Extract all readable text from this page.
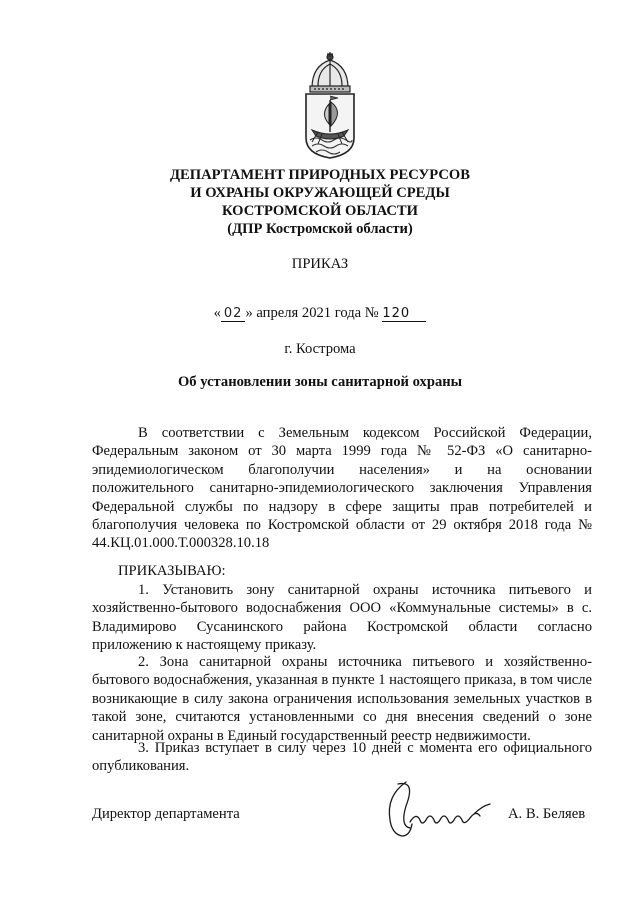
ДЕПАРТАМЕНТ ПРИРОДНЫХ РЕСУРСОВ
И ОХРАНЫ ОКРУЖАЮЩЕЙ СРЕДЫ
КОСТРОМСКОЙ ОБЛАСТИ
(ДПР Костромской области)
ПРИКАЗ
« 02 » апреля 2021 года № 120
г. Кострома
Об установлении зоны санитарной охраны

В соответствии с Земельным кодексом Российской Федерации, Федеральным законом от 30 марта 1999 года № 52-ФЗ «О санитарно-эпидемиологическом благополучии населения» и на основании положительного санитарно-эпидемиологического заключения Управления Федеральной службы по надзору в сфере защиты прав потребителей и благополучия человека по Костромской области от 29 октября 2018 года № 44.КЦ.01.000.Т.000328.10.18

ПРИКАЗЫВАЮ:

1. Установить зону санитарной охраны источника питьевого и хозяйственно-бытового водоснабжения ООО «Коммунальные системы» в с. Владимирово Сусанинского района Костромской области согласно приложению к настоящему приказу.

2. Зона санитарной охраны источника питьевого и хозяйственно-бытового водоснабжения, указанная в пункте 1 настоящего приказа, в том числе возникающие в силу закона ограничения использования земельных участков в такой зоне, считаются установленными со дня внесения сведений о зоне санитарной охраны в Единый государственный реестр недвижимости.

3. Приказ вступает в силу через 10 дней с момента его официального опубликования.

Директор департамента	А. В. Беляев
